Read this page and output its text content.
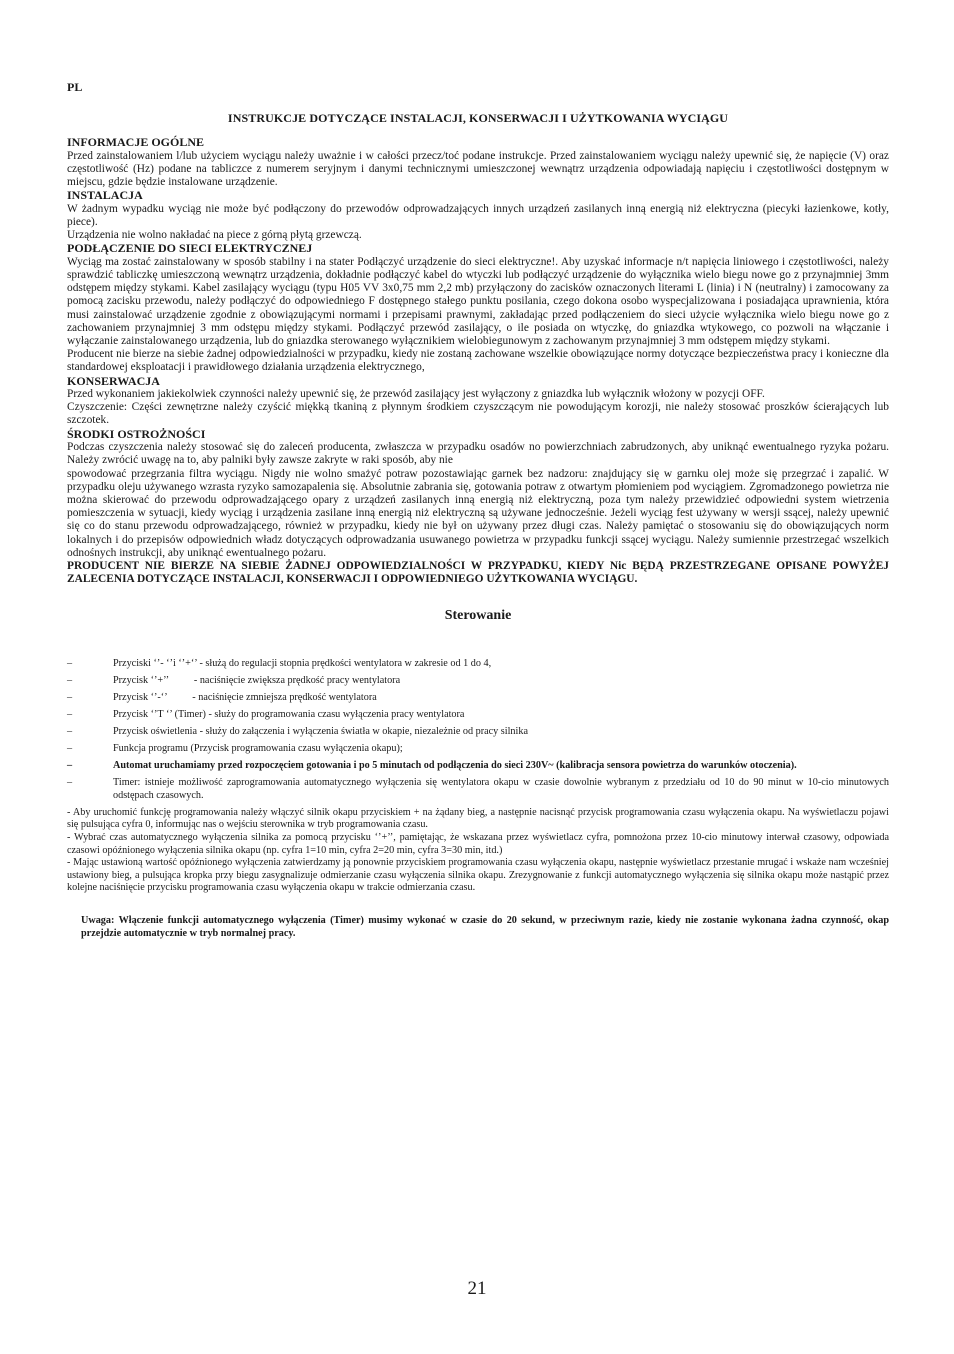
PL
INSTRUKCJE DOTYCZĄCE INSTALACJI, KONSERWACJI I UŻYTKOWANIA WYCIĄGU
INFORMACJE OGÓLNE

Przed zainstalowaniem l/lub użyciem wyciągu należy uważnie i w całości przecz/toć podane instrukcje. Przed zainstalowaniem wyciągu należy upewnić się, że napięcie (V) oraz częstotliwość (Hz) podane na tabliczce z numerem seryjnym i danymi technicznymi umieszczonej wewnątrz urządzenia odpowiadają napięciu i częstotliwości dostępnym w miejscu, gdzie będzie instalowane urządzenie.

INSTALACJA

W żadnym wypadku wyciąg nie może być podłączony do przewodów odprowadzających innych urządzeń zasilanych inną energią niż elektryczna (piecyki łazienkowe, kotły, piece).

Urządzenia nie wolno nakładać na piece z górną płytą grzewczą.

PODŁĄCZENIE DO SIECI ELEKTRYCZNEJ

Wyciąg ma zostać zainstalowany w sposób stabilny i na stater Podłączyć urządzenie do sieci elektryczne!. Aby uzyskać informacje n/t napięcia liniowego i częstotliwości, należy sprawdzić tabliczkę umieszczoną wewnątrz urządzenia, dokładnie podłączyć kabel do wtyczki lub podłączyć urządzenie do wyłącznika wielo biegu nowe go z przynajmniej 3mm odstępem między stykami. Kabel zasilający wyciągu (typu H05 VV 3x0,75 mm 2,2 mb) przyłączony do zacisków oznaczonych literami L (linia) i N (neutralny) i zamocowany za pomocą zacisku przewodu, należy podłączyć do odpowiedniego F dostępnego stałego punktu posilania, czego dokona osobo wyspecjalizowana i posiadająca uprawnienia, która musi zainstalować urządzenie zgodnie z obowiązującymi normami i przepisami prawnymi, zakładając przed podłączeniem do sieci użycie wyłącznika wielo biegu nowe go z zachowaniem przynajmniej 3 mm odstępu między stykami. Podłączyć przewód zasilający, o ile posiada on wtyczkę, do gniazdka wtykowego, co pozwoli na włączanie i wyłączanie zainstalowanego urządzenia, lub do gniazdka sterowanego wyłącznikiem wielobiegunowym z zachowanym przynajmniej 3 mm odstępem między stykami.

Producent nie bierze na siebie żadnej odpowiedzialności w przypadku, kiedy nie zostaną zachowane wszelkie obowiązujące normy dotyczące bezpieczeństwa pracy i konieczne dla standardowej eksploatacji i prawidłowego działania urządzenia elektrycznego,

KONSERWACJA

Przed wykonaniem jakiekolwiek czynności należy upewnić się, że przewód zasilający jest wyłączony z gniazdka lub wyłącznik włożony w pozycji OFF.

Czyszczenie: Części zewnętrzne należy czyścić miękką tkaniną z płynnym środkiem czyszczącym nie powodującym korozji, nie należy stosować proszków ścierających lub szczotek.

ŚRODKI OSTROŻNOŚCI

Podczas czyszczenia należy stosować się do zaleceń producenta, zwłaszcza w przypadku osadów no powierzchniach zabrudzonych, aby uniknąć ewentualnego ryzyka pożaru. Należy zwrócić uwagę na to, aby palniki były zawsze zakryte w raki sposób, aby nie

spowodować przegrzania filtra wyciągu. Nigdy nie wolno smażyć potraw pozostawiając garnek bez nadzoru: znajdujący się w garnku olej może się przegrzać i zapalić. W przypadku oleju używanego wzrasta ryzyko samozapalenia się. Absolutnie zabrania się, gotowania potraw z otwartym płomieniem pod wyciągiem. Zgromadzonego powietrza nie można skierować do przewodu odprowadzającego opary z urządzeń zasilanych inną energią niż elektryczną, poza tym należy przewidzieć odpowiedni system wietrzenia pomieszczenia w sytuacji, kiedy wyciąg i urządzenia zasilane inną energią niż elektryczną są używane jednocześnie. Jeżeli wyciąg fest używany w wersji ssącej, należy upewnić się co do stanu przewodu odprowadzającego, również w przypadku, kiedy nie był on używany przez długi czas. Należy pamiętać o stosowaniu się do obowiązujących norm lokalnych i do przepisów odpowiednich władz dotyczących odprowadzania usuwanego powietrza w przypadku funkcji ssącej wyciągu. Należy sumiennie przestrzegać wszelkich odnośnych instrukcji, aby uniknąć ewentualnego pożaru.

PRODUCENT NIE BIERZE NA SIEBIE ŻADNEJ ODPOWIEDZIALNOŚCI W PRZYPADKU, KIEDY Nic BĘDĄ PRZESTRZEGANE OPISANE POWYŻEJ ZALECENIA DOTYCZĄCE INSTALACJI, KONSERWACJI I ODPOWIEDNIEGO UŻYTKOWANIA WYCIĄGU.

Sterowanie
–	Przyciski ‘’- ‘’i ‘’+‘’ - służą do regulacji stopnia prędkości wentylatora w zakresie od 1 do 4,
–	Przycisk ‘’+’’          - naciśnięcie zwiększa prędkość pracy wentylatora
–	Przycisk ‘’-‘’          - naciśnięcie zmniejsza prędkość wentylatora
–	Przycisk ‘’T ‘’ (Timer) - służy do programowania czasu wyłączenia pracy wentylatora
–	Przycisk oświetlenia - służy do załączenia i wyłączenia światła w okapie, niezależnie od pracy silnika
–	Funkcja programu (Przycisk programowania czasu wyłączenia okapu);
–	Automat uruchamiamy przed rozpoczęciem gotowania i po 5 minutach od podłączenia do sieci 230V~ (kalibracja sensora powietrza do warunków otoczenia).
–	Timer: istnieje możliwość zaprogramowania automatycznego wyłączenia się wentylatora okapu w czasie dowolnie wybranym z przedziału od 10 do 90 minut w 10-cio minutowych odstępach czasowych.

- Aby uruchomić funkcję programowania należy włączyć silnik okapu przyciskiem + na żądany bieg, a następnie nacisnąć przycisk programowania czasu wyłączenia okapu. Na wyświetlaczu pojawi się pulsująca cyfra 0, informując nas o wejściu sterownika w tryb programowania czasu.

- Wybrać czas automatycznego wyłączenia silnika za pomocą przycisku ‘’+’’, pamiętając, że wskazana przez wyświetlacz cyfra, pomnożona przez 10-cio minutowy interwał czasowy, odpowiada czasowi opóźnionego wyłączenia silnika okapu (np. cyfra 1=10 min, cyfra 2=20 min, cyfra 3=30 min, itd.)

- Mając ustawioną wartość opóźnionego wyłączenia zatwierdzamy ją ponownie przyciskiem programowania czasu wyłączenia okapu, następnie wyświetlacz przestanie mrugać i wskaże nam wcześniej ustawiony bieg, a pulsująca kropka przy biegu zasygnalizuje odmierzanie czasu wyłączenia silnika okapu. Zrezygnowanie z funkcji automatycznego wyłączenia się silnika okapu może nastąpić przez kolejne naciśnięcie przycisku programowania czasu wyłączenia okapu w trakcie odmierzania czasu.

Uwaga: Włączenie funkcji automatycznego wyłączenia (Timer) musimy wykonać w czasie do 20 sekund, w przeciwnym razie, kiedy nie zostanie wykonana żadna czynność, okap przejdzie automatycznie w tryb normalnej pracy.
21
